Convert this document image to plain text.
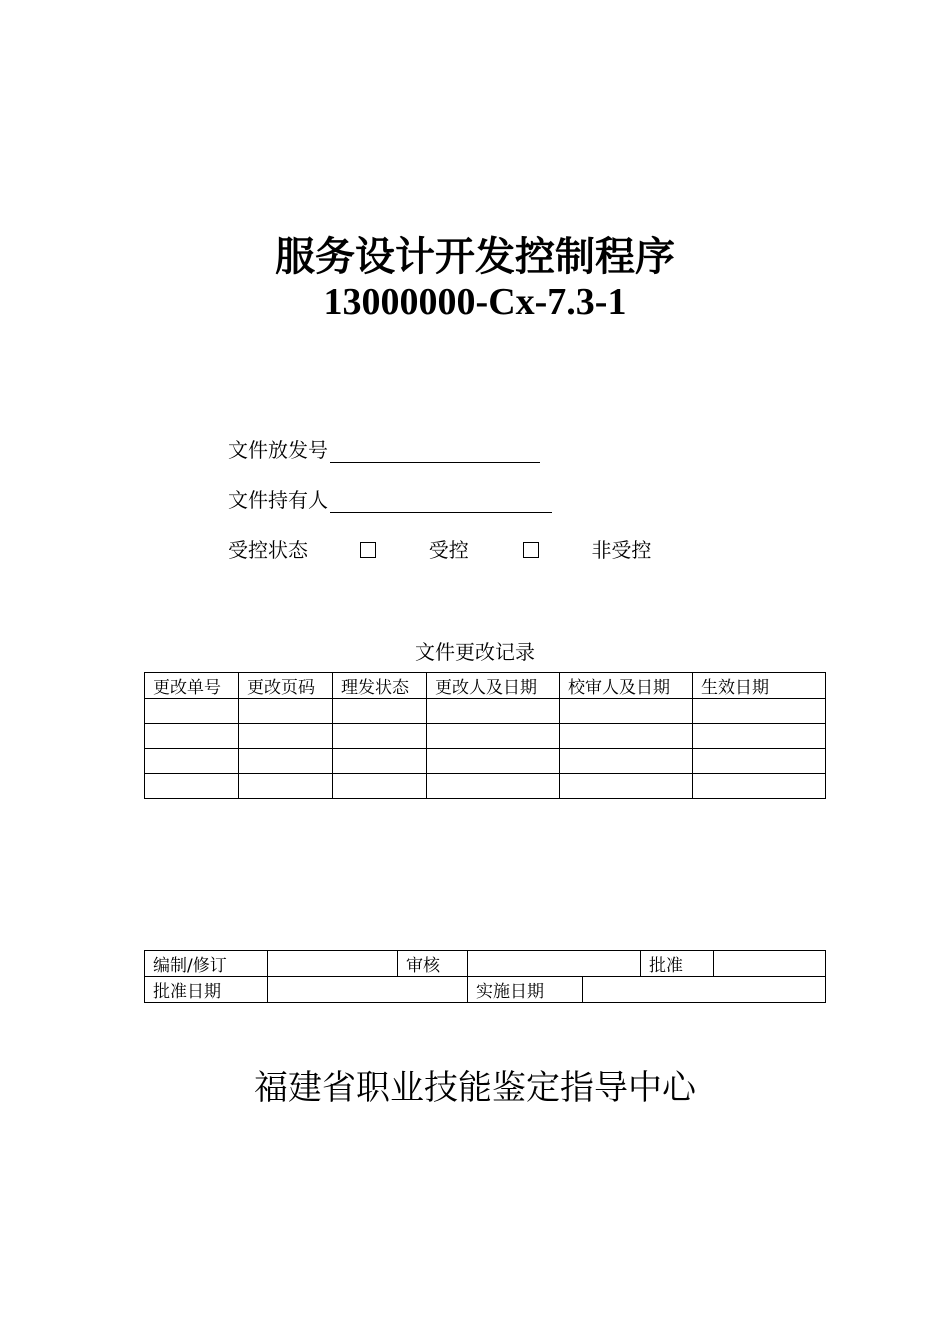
服务设计开发控制程序
13000000-Cx-7.3-1
文件放发号
文件持有人
受控状态	受控	非受控
文件更改记录
更改单号	更改页码	理发状态	更改人及日期	校审人及日期	生效日期

编制/修订		审核			批准	
批准日期			实施日期			
福建省职业技能鉴定指导中心
